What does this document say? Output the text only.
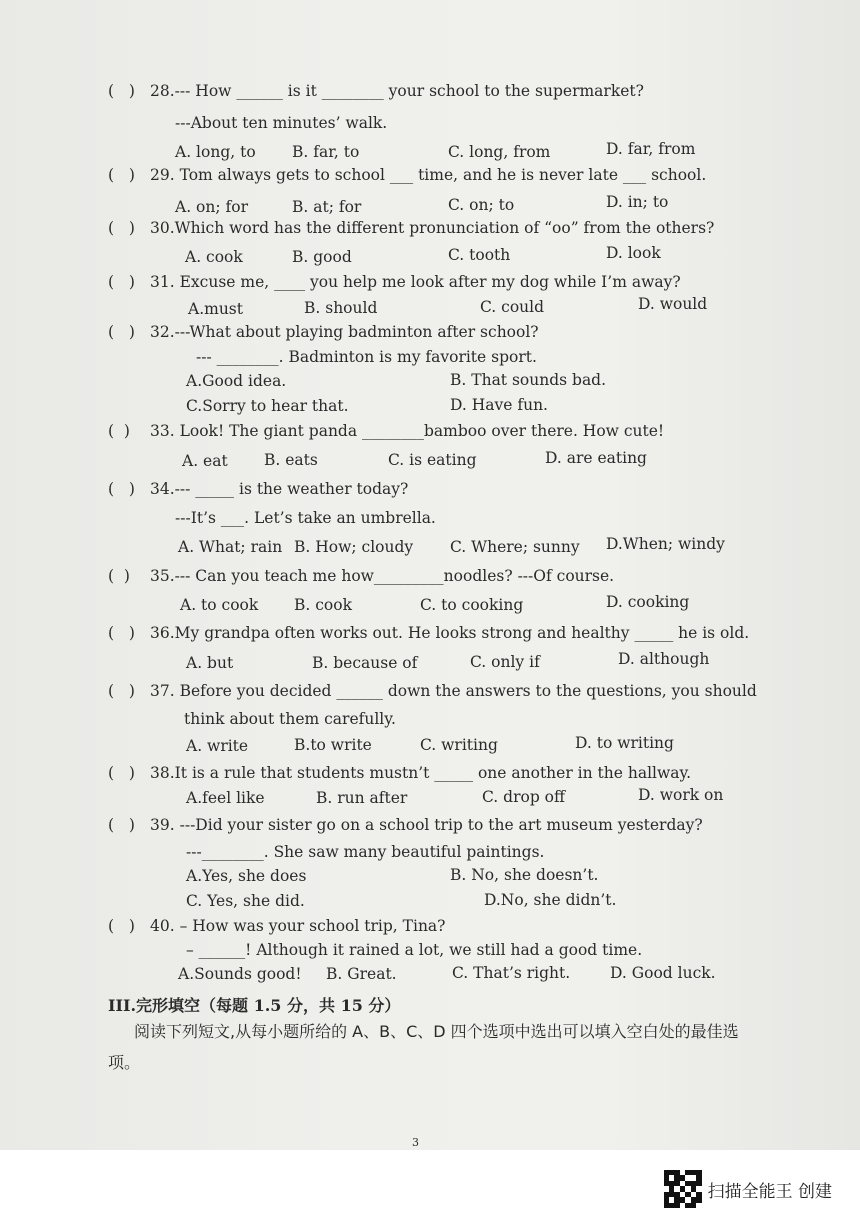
(   ) 28.--- How ______ is it ________ your school to the supermarket?
---About ten minutes’ walk.
A. long, to B. far, to	C. long, from	D. far, from
(   ) 29. Tom always gets to school ___ time, and he is never late ___ school.
A. on; for	B. at; for	C. on; to	D. in; to
(   ) 30.Which word has the different pronunciation of “oo” from the others?
A. cook	B. good	C. tooth	D. look
(   ) 31. Excuse me, ____ you help me look after my dog while I’m away?
A.must	B. should	C. could	D. would
(   ) 32.---What about playing badminton after school?
--- ________. Badminton is my favorite sport.
A.Good idea.	B. That sounds bad.
C.Sorry to hear that.	D. Have fun.
(  ) 33. Look! The giant panda ________bamboo over there. How cute!
A. eat B. eats	C. is eating	D. are eating
(   ) 34.--- _____ is the weather today?
---It’s ___. Let’s take an umbrella.
A. What; rain B. How; cloudy C. Where; sunny D.When; windy
(  ) 35.--- Can you teach me how_________noodles? ---Of course.
A. to cook B. cook	C. to cooking	D. cooking
(   ) 36.My grandpa often works out. He looks strong and healthy _____ he is old.
A. but	B. because of	C. only if	D. although
(   ) 37. Before you decided ______ down the answers to the questions, you should
think about them carefully.
A. write	B.to write	C. writing	D. to writing
(   ) 38.It is a rule that students mustn’t _____ one another in the hallway.
A.feel like	B. run after	C. drop off	D. work on
(   ) 39. ---Did your sister go on a school trip to the art museum yesterday?
---________. She saw many beautiful paintings.
A.Yes, she does	B. No, she doesn’t.
C. Yes, she did.	D.No, she didn’t.
(   ) 40. – How was your school trip, Tina?
– ______! Although it rained a lot, we still had a good time.
A.Sounds good! B. Great.	C. That’s right.	D. Good luck.
III.完形填空（每题 1.5 分，共 15 分）
阅读下列短文,从每小题所给的 A、B、C、D 四个选项中选出可以填入空白处的最佳选项。
3
扫描全能王 创建
